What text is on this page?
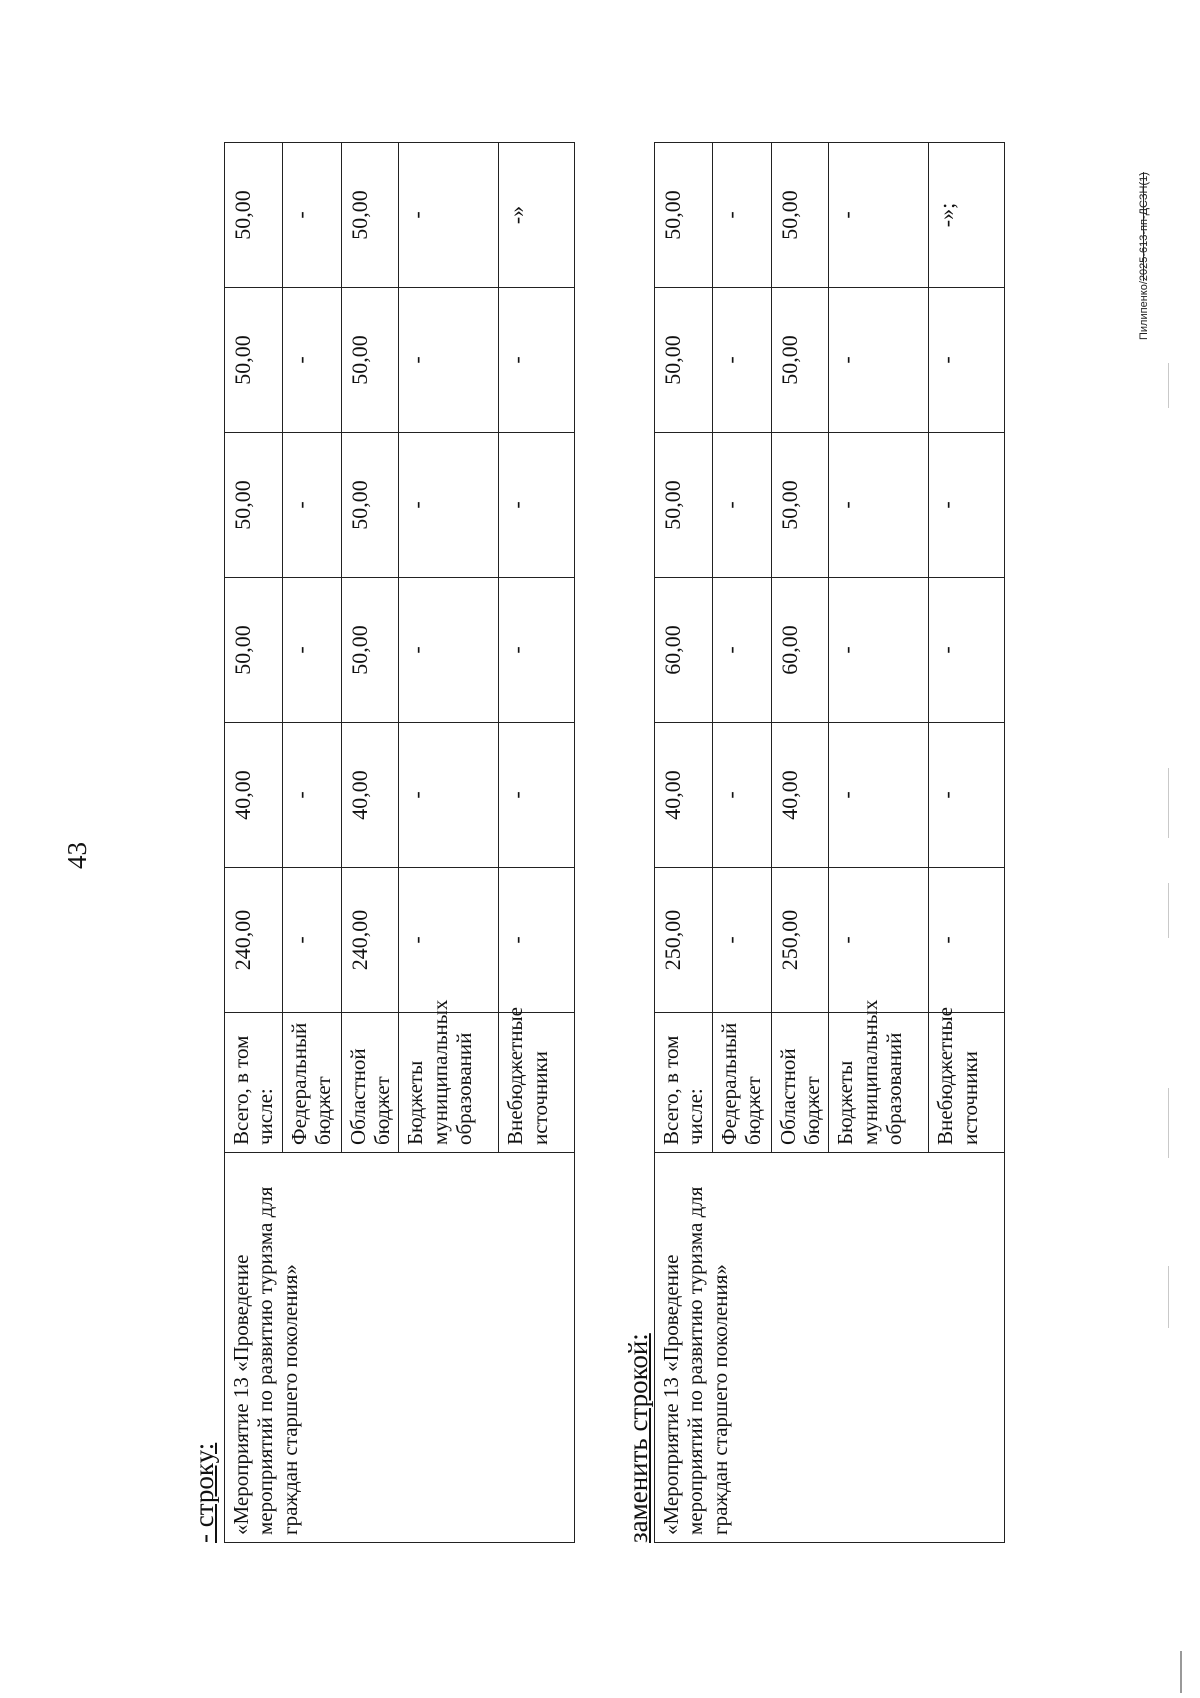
43
- строку: «Мероприятие 13 «Проведение мероприятий по развитию туризма для граждан старшего поколения»	Всего, в том числе:	240,00	40,00	50,00	50,00	50,00	50,00
	Федеральный бюджет	-	-	-	-	-	-
	Областной бюджет	240,00	40,00	50,00	50,00	50,00	50,00
	Бюджеты муниципальных образований	-	-	-	-	-	-
	Внебюджетные источники	-	-	-	-	-	-»
заменить строкой: «Мероприятие 13 «Проведение мероприятий по развитию туризма для граждан старшего поколения»	Всего, в том числе:	250,00	40,00	60,00	50,00	50,00	50,00
	Федеральный бюджет	-	-	-	-	-	-
	Областной бюджет	250,00	40,00	60,00	50,00	50,00	50,00
	Бюджеты муниципальных образований	-	-	-	-	-	-
	Внебюджетные источники	-	-	-	-	-	-»;
Пилипенко/2025-613-пп-ДСЗН(1)
